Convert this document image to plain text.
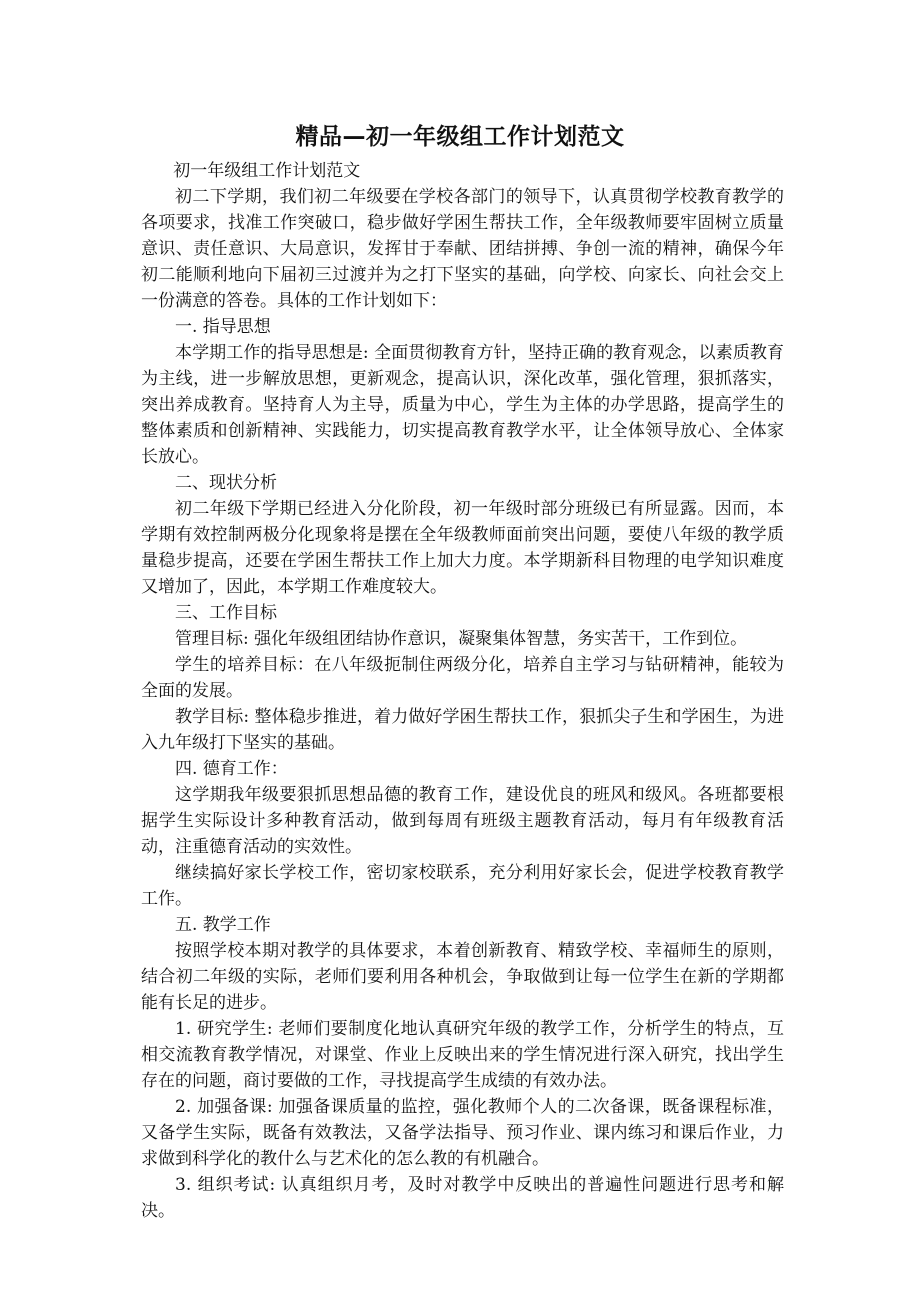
精品—初一年级组工作计划范文

初一年级组工作计划范文

初二下学期，我们初二年级要在学校各部门的领导下，认真贯彻学校教育教学的各项要求，找准工作突破口，稳步做好学困生帮扶工作，全年级教师要牢固树立质量意识、责任意识、大局意识，发挥甘于奉献、团结拼搏、争创一流的精神，确保今年初二能顺利地向下届初三过渡并为之打下坚实的基础，向学校、向家长、向社会交上一份满意的答卷。具体的工作计划如下：

一. 指导思想

本学期工作的指导思想是: 全面贯彻教育方针，坚持正确的教育观念，以素质教育为主线，进一步解放思想，更新观念，提高认识，深化改革，强化管理，狠抓落实，突出养成教育。坚持育人为主导，质量为中心，学生为主体的办学思路，提高学生的整体素质和创新精神、实践能力，切实提高教育教学水平，让全体领导放心、全体家长放心。

二、现状分析

初二年级下学期已经进入分化阶段，初一年级时部分班级已有所显露。因而，本学期有效控制两极分化现象将是摆在全年级教师面前突出问题，要使八年级的教学质量稳步提高，还要在学困生帮扶工作上加大力度。本学期新科目物理的电学知识难度又增加了，因此，本学期工作难度较大。

三、工作目标

管理目标: 强化年级组团结协作意识，凝聚集体智慧，务实苦干，工作到位。

学生的培养目标：在八年级扼制住两级分化，培养自主学习与钻研精神，能较为全面的发展。

教学目标: 整体稳步推进，着力做好学困生帮扶工作，狠抓尖子生和学困生，为进入九年级打下坚实的基础。

四. 德育工作：

这学期我年级要狠抓思想品德的教育工作，建设优良的班风和级风。各班都要根据学生实际设计多种教育活动，做到每周有班级主题教育活动，每月有年级教育活动，注重德育活动的实效性。

继续搞好家长学校工作，密切家校联系，充分利用好家长会，促进学校教育教学工作。

五. 教学工作

按照学校本期对教学的具体要求，本着创新教育、精致学校、幸福师生的原则，结合初二年级的实际，老师们要利用各种机会，争取做到让每一位学生在新的学期都能有长足的进步。

1. 研究学生: 老师们要制度化地认真研究年级的教学工作，分析学生的特点，互相交流教育教学情况，对课堂、作业上反映出来的学生情况进行深入研究，找出学生存在的问题，商讨要做的工作，寻找提高学生成绩的有效办法。

2. 加强备课: 加强备课质量的监控，强化教师个人的二次备课，既备课程标准，又备学生实际，既备有效教法，又备学法指导、预习作业、课内练习和课后作业，力求做到科学化的教什么与艺术化的怎么教的有机融合。

3. 组织考试: 认真组织月考，及时对教学中反映出的普遍性问题进行思考和解决。
